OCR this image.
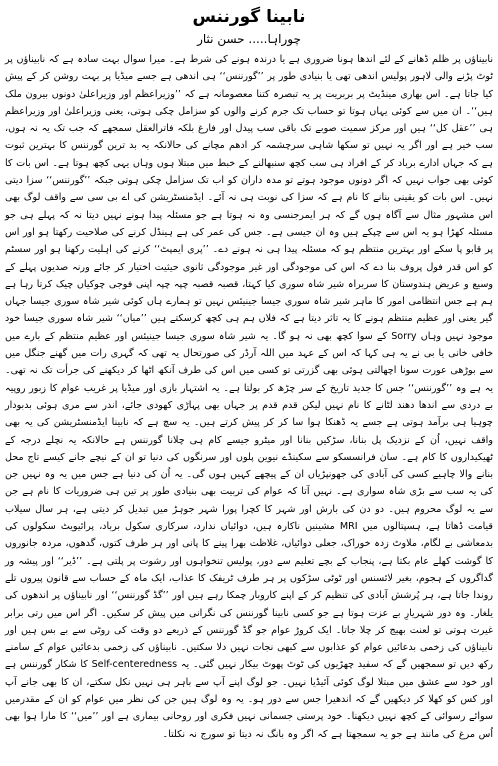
نابینا گورننس
چوراہا..... حسن نثار

نابیناؤں پر ظلم ڈھانے کے لئے اندھا ہونا ضروری ہے یا درندہ ہونے کی شرط ہے۔ میرا سوال بہت سادہ ہے کہ نابیناؤں پر ٹوٹ پڑنے والی لاہور پولیس اندھی تھی یا بنیادی طور پر ’’گورننس‘‘ ہی اندھی ہے جسے میڈیا پر بہت روشن کر کے پیش کیا جاتا ہے۔ اس بھاری مینڈیٹ پر بربریت پر یہ تبصرہ کتنا معصومانہ ہے کہ ’’وزیراعظم اور وزیراعلیٰ دونوں بیرون ملک ہیں‘‘۔ ان میں سے کوئی یہاں ہوتا تو حساب تک جرم کرنے والوں کو سزامل چکی ہوتی، یعنی وزیراعلیٰ اور وزیراعظم ہی ’’عقل کل‘‘ ہیں اور مرکز سمیت صوبے تک باقی سب پیدل اور فارغ بلکہ فاترالعقل سمجھے کہ جب تک یہ نہ ہوں، سب خیر ہے اور اگر یہ نہیں تو سکھا شاہی سرچشمہ کر ادھم مچانے کی حالانکہ یہ بد ترین گورننس کا بہترین ثبوت ہے کہ جہاں ادارے برباد کر کے افراد ہی سب کچھ سنبھالنے کے خبط میں مبتلا ہوں وہاں یہی کچھ ہوتا ہے۔ اس بات کا کوئی بھی جواب نہیں کہ اگر دونوں موجود ہوتے تو مدہ داران کو اب تک سزامل چکی ہوتی جبکہ ’’گورننس‘‘ سزا دیتی نہیں۔ اس بات کو یقینی بنانے کا نام ہے کہ سزا کی نوبت ہی نہ آئے۔ ایڈمنسٹریشن کی اے بی سی سے واقف لوگ بھی اس مشہور مثال سے آگاہ ہوں گے کہ ہر ایمرجنسی وہ نہ ہوتا ہے جو مسئلہ پیدا ہونے نہیں دیتا نہ کہ پہلے ہی جو مسئلہ کھڑا ہو یہ اس سے چپکے ہیں وہ ان جیسی ہے۔ جس کی عمر کی ہے ہینڈل کرنے کی صلاحیت رکھتا ہو اور اس پر قابو پا سکے اور بہترین منتظم ہو کہ مسئلہ پیدا ہی نہ ہونے دے۔ ’’پری ایمپٹ‘‘ کرنے کی اہلیت رکھنا ہو اور سسٹم کو اس قدر فول پروف بنا دے کہ اس کی موجودگی اور غیر موجودگی ثانوی حیثیت اختیار کر جائے ورنہ صدیوں پہلے کے وسیع و عریض ہندوستان کا سربراہ شیر شاہ سوری کیا کہتا، قصبہ قصبہ چپہ چپہ اپنی فوجی چوکیاں چیک کرتا رہا ہے ہم ہے جس انتظامی امور کا ماہر شیر شاہ سوری جیسا جینیئس نہیں تو ہمارے ہاں کوئی شیر شاہ سوری جیسا جہاں گیر یعنی اور عظیم منتظم ہونے کا یہ تاثر دیتا ہے کہ فلاں ہم ہی کچھ کرسکتے ہیں ’’میاں‘‘ شیر شاہ سوری جیسا خود موجود نہیں وہاں Sorry کے سوا کچھ بھی نہ ہو گا۔ یہ شیر شاہ سوری جیسا جینیئس اور عظیم منتظم کے بارے میں خافی خانی یا بی نے یہ ہی کہا کہ اس کے عہد میں اللہ آرڈر کی صورتحال یہ تھی کہ گہری رات میں گھنے جنگل میں سے بوڑھی عورت سونا اچھالتی ہوئی بھی گزرتی تو کسی میں اس کی طرف آنکھ اٹھا کر دیکھنے کی جرأت تک نہ تھی۔ یہ ہے وہ ’’گورننس‘‘ جس کا جدید تاریخ کے سر چڑھ کر بولتا ہے۔ یہ اشتہار بازی اور میڈیا پر غریب عوام کا زبور روپیہ بے دردی سے اندھا دھند لٹانے کا نام نہیں لیکن قدم قدم پر جہاں بھی پہاڑی کھودی جائے، اندر سے مری ہوئی بدبودار چوہیا ہی برآمد ہوتی ہے جسے یہ ڈھنکا ہوا سا کر کر پیش کرتے ہیں۔ یہ سچ ہے کہ نابینا ایڈمنسٹریشن کی یہ بھی واقف نہیں، اُن کے نزدیک پل بنانا، سڑکیں بنانا اور میٹرو جیسے کام ہی چلانا گورننس ہے حالانکہ یہ نچلے درجہ کے ٹھیکیداروں کا کام ہے۔ سان فرانسسکو سے سکینڈے نیوین پلوں اور سرنگوں کی دنیا تو ان کے نیچے جانے کیسے تاج محل بنانے والا چاہیے کسی کی آبادی کی جھونپڑیاں ان کے پیچھے کہیں ہوں گی۔ یہ اُن کی دنیا ہے جس میں یہ وہ نہیں جن کی یہ سب سے بڑی شاہ سواری ہے۔ نہیں آتا کہ عوام کی تربیت بھی بنیادی طور پر تین ہی ضروریات کا نام ہے جن سے یہ لوگ محروم ہیں۔ دو دن کی بارش اور شہر کا کچرا پورا شہر جوہڑ میں تبدیل کر دیتی ہے، ہر سال سیلاب قیامت ڈھاتا ہے، ہسپتالوں میں MRI مشینیں ناکارہ ہیں، دوائیاں ندارد، سرکاری سکول برباد، پرائیویٹ سکولوں کی بدمعاشی بے لگام، ملاوٹ زدہ خوراک، جعلی دوائیاں، غلاظت بھرا پینے کا پانی اور ہر طرف کتوں، گدھوں، مردہ جانوروں کا گوشت کھلے عام بکتا ہے، پنجاب کے بچے تعلیم سے دور، پولیس تنخواہوں اور رشوت پر پلتی ہے۔ ’’ڈیر‘‘ اور پیشہ ور گداگروں کے ہجوم، بغیر لائسنس اور ٹوٹی سڑکوں پر ہر طرف ٹریفک کا عذاب، ایک ماہ کے حساب سے قانون پیروں تلے روندا جاتا ہے، ہر پُرشش آبادی کی تنظیم کر کے اپنے کاروبار چمکا رہے ہیں اور ’’گڈ گورننس‘‘ اور نابیناؤں پر اندھوں کی یلغار۔ وہ دور شہریارِ بے عزت ہوتا ہے جو کسی نابینا گورننس کی نگرانی میں پیش کر سکیں۔ اگر اس میں رتی برابر غیرت ہوتی تو لعنت بھیج کر چلا جاتا۔ ایک کروڑ عوام جو گڈ گورننس کے ذریعے دو وقت کی روٹی سے بے بس ہیں اور نابیناؤں کی زخمی بدعائیں عوام کو عذابوں سے کبھی نجات نہیں دلا سکتیں۔ نابیناؤں کی زخمی بدعائیں عوام کے سامنے رکھ دیں تو سمجھیں گے کہ سفید چھڑیوں کی ٹوٹ پھوٹ بیکار نہیں گئی۔ یہ Self-centeredness کا شکار گورننس ہے اور خود سے عشق میں مبتلا لوگ کوئی آئیڈیا نہیں۔ جو لوگ اپنے آپ سے باہر ہی نہیں نکل سکتے، ان کا بھی جانے آپ اور کس کو کھلا کر دیکھیں گے کہ اندھیرا جس سے دور ہو۔ یہ وہ لوگ ہیں جن کی نظر میں عوام کو ان کے مقدرمیں سوائے رسوائی کے کچھ نہیں دیکھنا۔ خود پرستی جسمانی نہیں فکری اور روحانی بیماری ہے اور ’’میں‘‘ کا مارا ہوا بھی اُس مرغ کی مانند ہے جو یہ سمجھتا ہے کہ اگر وہ بانگ نہ دیتا تو سورج نہ نکلتا۔
